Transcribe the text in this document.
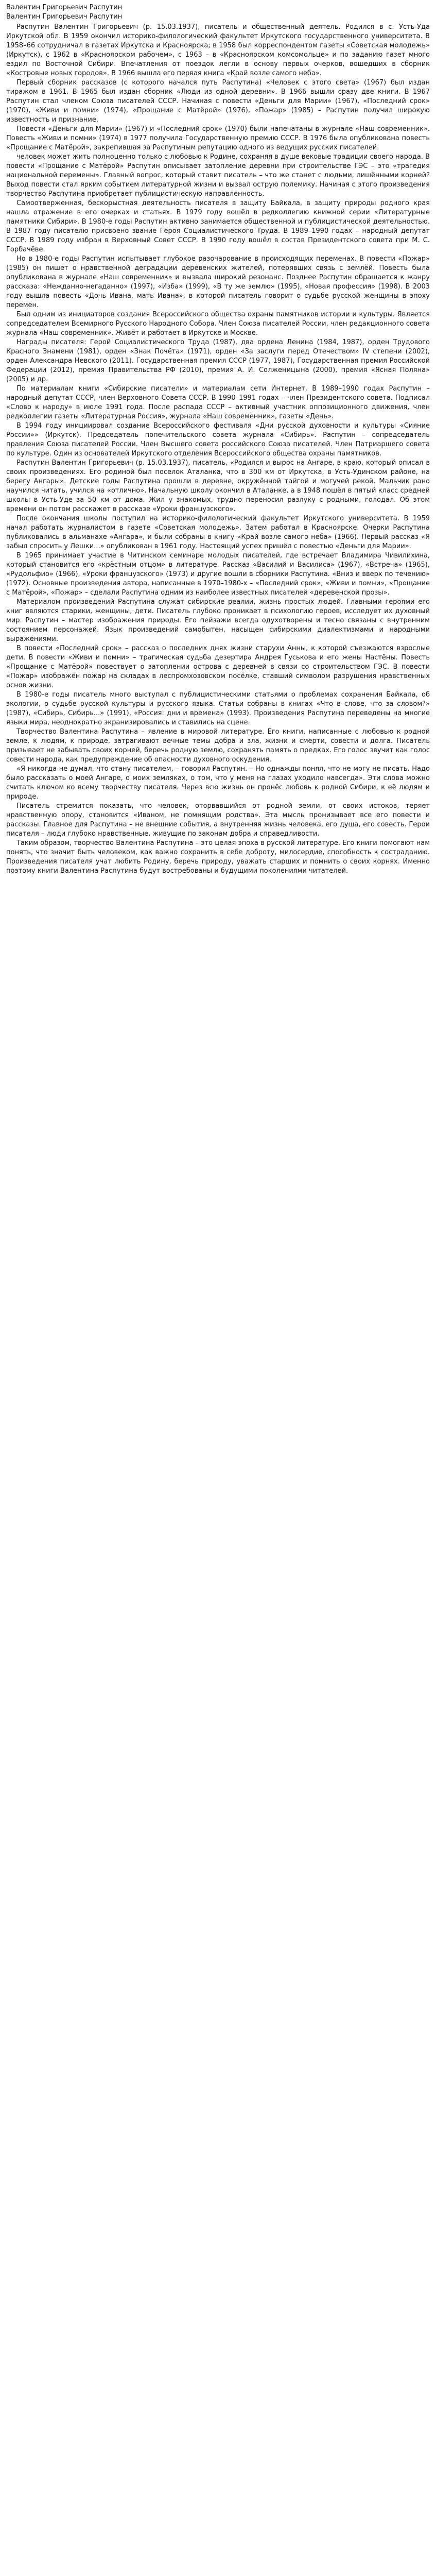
Валентин Григорьевич Распутин
Валентин Григорьевич Распутин

Распутин Валентин Григорьевич (р. 15.03.1937), писатель и общественный деятель. Родился в с. Усть-Уда Иркутской обл. В 1959 окончил историко-филологический факультет Иркутского государственного университета. В 1958–66 сотрудничал в газетах Иркутска и Красноярска; в 1958 был корреспондентом газеты «Советская молодежь» (Иркутск), с 1962 в «Красноярском рабочем», с 1963 – в «Красноярском комсомольце» и по заданию газет много ездил по Восточной Сибири. Впечатления от поездок легли в основу первых очерков, вошедших в сборник «Костровые новых городов». В 1966 вышла его первая книга «Край возле самого неба».

Первый сборник рассказов (с которого начался путь Распутина) «Человек с этого света» (1967) был издан тиражом в 1961. В 1965 был издан сборник «Люди из одной деревни». В 1966 вышли сразу две книги. В 1967 Распутин стал членом Союза писателей СССР. Начиная с повести «Деньги для Марии» (1967), «Последний срок» (1970), «Живи и помни» (1974), «Прощание с Матёрой» (1976), «Пожар» (1985) – Распутин получил широкую известность и признание.

Повести «Деньги для Марии» (1967) и «Последний срок» (1970) были напечатаны в журнале «Наш современник». Повесть «Живи и помни» (1974) в 1977 получила Государственную премию СССР. В 1976 была опубликована повесть «Прощание с Матёрой», закрепившая за Распутиным репутацию одного из ведущих русских писателей.

человек может жить полноценно только с любовью к Родине, сохраняя в душе вековые традиции своего народа. В повести «Прощание с Матёрой» Распутин описывает затопление деревни при строительстве ГЭС – это «трагедия национальной перемены». Главный вопрос, который ставит писатель – что же станет с людьми, лишёнными корней? Выход повести стал ярким событием литературной жизни и вызвал острую полемику. Начиная с этого произведения творчество Распутина приобретает публицистическую направленность.

Самоотверженная, бескорыстная деятельность писателя в защиту Байкала, в защиту природы родного края нашла отражение в его очерках и статьях. В 1979 году вошёл в редколлегию книжной серии «Литературные памятники Сибири». В 1980-е годы Распутин активно занимается общественной и публицистической деятельностью. В 1987 году писателю присвоено звание Героя Социалистического Труда. В 1989–1990 годах – народный депутат СССР. В 1989 году избран в Верховный Совет СССР. В 1990 году вошёл в состав Президентского совета при М. С. Горбачёве.

Но в 1980-е годы Распутин испытывает глубокое разочарование в происходящих переменах. В повести «Пожар» (1985) он пишет о нравственной деградации деревенских жителей, потерявших связь с землёй. Повесть была опубликована в журнале «Наш современник» и вызвала широкий резонанс. Позднее Распутин обращается к жанру рассказа: «Нежданно-негаданно» (1997), «Изба» (1999), «В ту же землю» (1995), «Новая профессия» (1998). В 2003 году вышла повесть «Дочь Ивана, мать Ивана», в которой писатель говорит о судьбе русской женщины в эпоху перемен.

Был одним из инициаторов создания Всероссийского общества охраны памятников истории и культуры. Является сопредседателем Всемирного Русского Народного Собора. Член Союза писателей России, член редакционного совета журнала «Наш современник». Живёт и работает в Иркутске и Москве.

Награды писателя: Герой Социалистического Труда (1987), два ордена Ленина (1984, 1987), орден Трудового Красного Знамени (1981), орден «Знак Почёта» (1971), орден «За заслуги перед Отечеством» IV степени (2002), орден Александра Невского (2011). Государственная премия СССР (1977, 1987), Государственная премия Российской Федерации (2012), премия Правительства РФ (2010), премия А. И. Солженицына (2000), премия «Ясная Поляна» (2005) и др.

По материалам книги «Сибирские писатели» и материалам сети Интернет. В 1989–1990 годах Распутин – народный депутат СССР, член Верховного Совета СССР. В 1990–1991 годах – член Президентского совета. Подписал «Слово к народу» в июле 1991 года. После распада СССР – активный участник оппозиционного движения, член редколлегии газеты «Литературная Россия», журнала «Наш современник», газеты «День».

В 1994 году инициировал создание Всероссийского фестиваля «Дни русской духовности и культуры «Сияние России»» (Иркутск). Председатель попечительского совета журнала «Сибирь». Распутин – сопредседатель правления Союза писателей России. Член Высшего совета российского Союза писателей. Член Патриаршего совета по культуре. Один из основателей Иркутского отделения Всероссийского общества охраны памятников.

Распутин Валентин Григорьевич (р. 15.03.1937), писатель, «Родился и вырос на Ангаре, в краю, который описал в своих произведениях. Его родиной был поселок Аталанка, что в 300 км от Иркутска, в Усть-Удинском районе, на берегу Ангары». Детские годы Распутина прошли в деревне, окружённой тайгой и могучей рекой. Мальчик рано научился читать, учился на «отлично». Начальную школу окончил в Аталанке, а в 1948 пошёл в пятый класс средней школы в Усть-Уде за 50 км от дома. Жил у знакомых, трудно переносил разлуку с родными, голодал. Об этом времени он потом расскажет в рассказе «Уроки французского».

После окончания школы поступил на историко-филологический факультет Иркутского университета. В 1959 начал работать журналистом в газете «Советская молодежь». Затем работал в Красноярске. Очерки Распутина публиковались в альманахе «Ангара», и были собраны в книгу «Край возле самого неба» (1966). Первый рассказ «Я забыл спросить у Лешки...» опубликован в 1961 году. Настоящий успех пришёл с повестью «Деньги для Марии».

В 1965 принимает участие в Читинском семинаре молодых писателей, где встречает Владимира Чивилихина, который становится его «крёстным отцом» в литературе. Рассказ «Василий и Василиса» (1967), «Встреча» (1965), «Рудольфио» (1966), «Уроки французского» (1973) и другие вошли в сборники Распутина. «Вниз и вверх по течению» (1972). Основные произведения автора, написанные в 1970–1980-х – «Последний срок», «Живи и помни», «Прощание с Матёрой», «Пожар» – сделали Распутина одним из наиболее известных писателей «деревенской прозы».

Материалом произведений Распутина служат сибирские реалии, жизнь простых людей. Главными героями его книг являются старики, женщины, дети. Писатель глубоко проникает в психологию героев, исследует их духовный мир. Распутин – мастер изображения природы. Его пейзажи всегда одухотворены и тесно связаны с внутренним состоянием персонажей. Язык произведений самобытен, насыщен сибирскими диалектизмами и народными выражениями.

В повести «Последний срок» – рассказ о последних днях жизни старухи Анны, к которой съезжаются взрослые дети. В повести «Живи и помни» – трагическая судьба дезертира Андрея Гуськова и его жены Настёны. Повесть «Прощание с Матёрой» повествует о затоплении острова с деревней в связи со строительством ГЭС. В повести «Пожар» изображён пожар на складах в леспромхозовском посёлке, ставший символом разрушения нравственных основ жизни.

В 1980-е годы писатель много выступал с публицистическими статьями о проблемах сохранения Байкала, об экологии, о судьбе русской культуры и русского языка. Статьи собраны в книгах «Что в слове, что за словом?» (1987), «Сибирь, Сибирь...» (1991), «Россия: дни и времена» (1993). Произведения Распутина переведены на многие языки мира, неоднократно экранизировались и ставились на сцене.

Творчество Валентина Распутина – явление в мировой литературе. Его книги, написанные с любовью к родной земле, к людям, к природе, затрагивают вечные темы добра и зла, жизни и смерти, совести и долга. Писатель призывает не забывать своих корней, беречь родную землю, сохранять память о предках. Его голос звучит как голос совести народа, как предупреждение об опасности духовного оскудения.

«Я никогда не думал, что стану писателем, – говорил Распутин. – Но однажды понял, что не могу не писать. Надо было рассказать о моей Ангаре, о моих земляках, о том, что у меня на глазах уходило навсегда». Эти слова можно считать ключом ко всему творчеству писателя. Через всю жизнь он пронёс любовь к родной Сибири, к её людям и природе.

Писатель стремится показать, что человек, оторвавшийся от родной земли, от своих истоков, теряет нравственную опору, становится «Иваном, не помнящим родства». Эта мысль пронизывает все его повести и рассказы. Главное для Распутина – не внешние события, а внутренняя жизнь человека, его душа, его совесть. Герои писателя – люди глубоко нравственные, живущие по законам добра и справедливости.

Таким образом, творчество Валентина Распутина – это целая эпоха в русской литературе. Его книги помогают нам понять, что значит быть человеком, как важно сохранить в себе доброту, милосердие, способность к состраданию. Произведения писателя учат любить Родину, беречь природу, уважать старших и помнить о своих корнях. Именно поэтому книги Валентина Распутина будут востребованы и будущими поколениями читателей.
